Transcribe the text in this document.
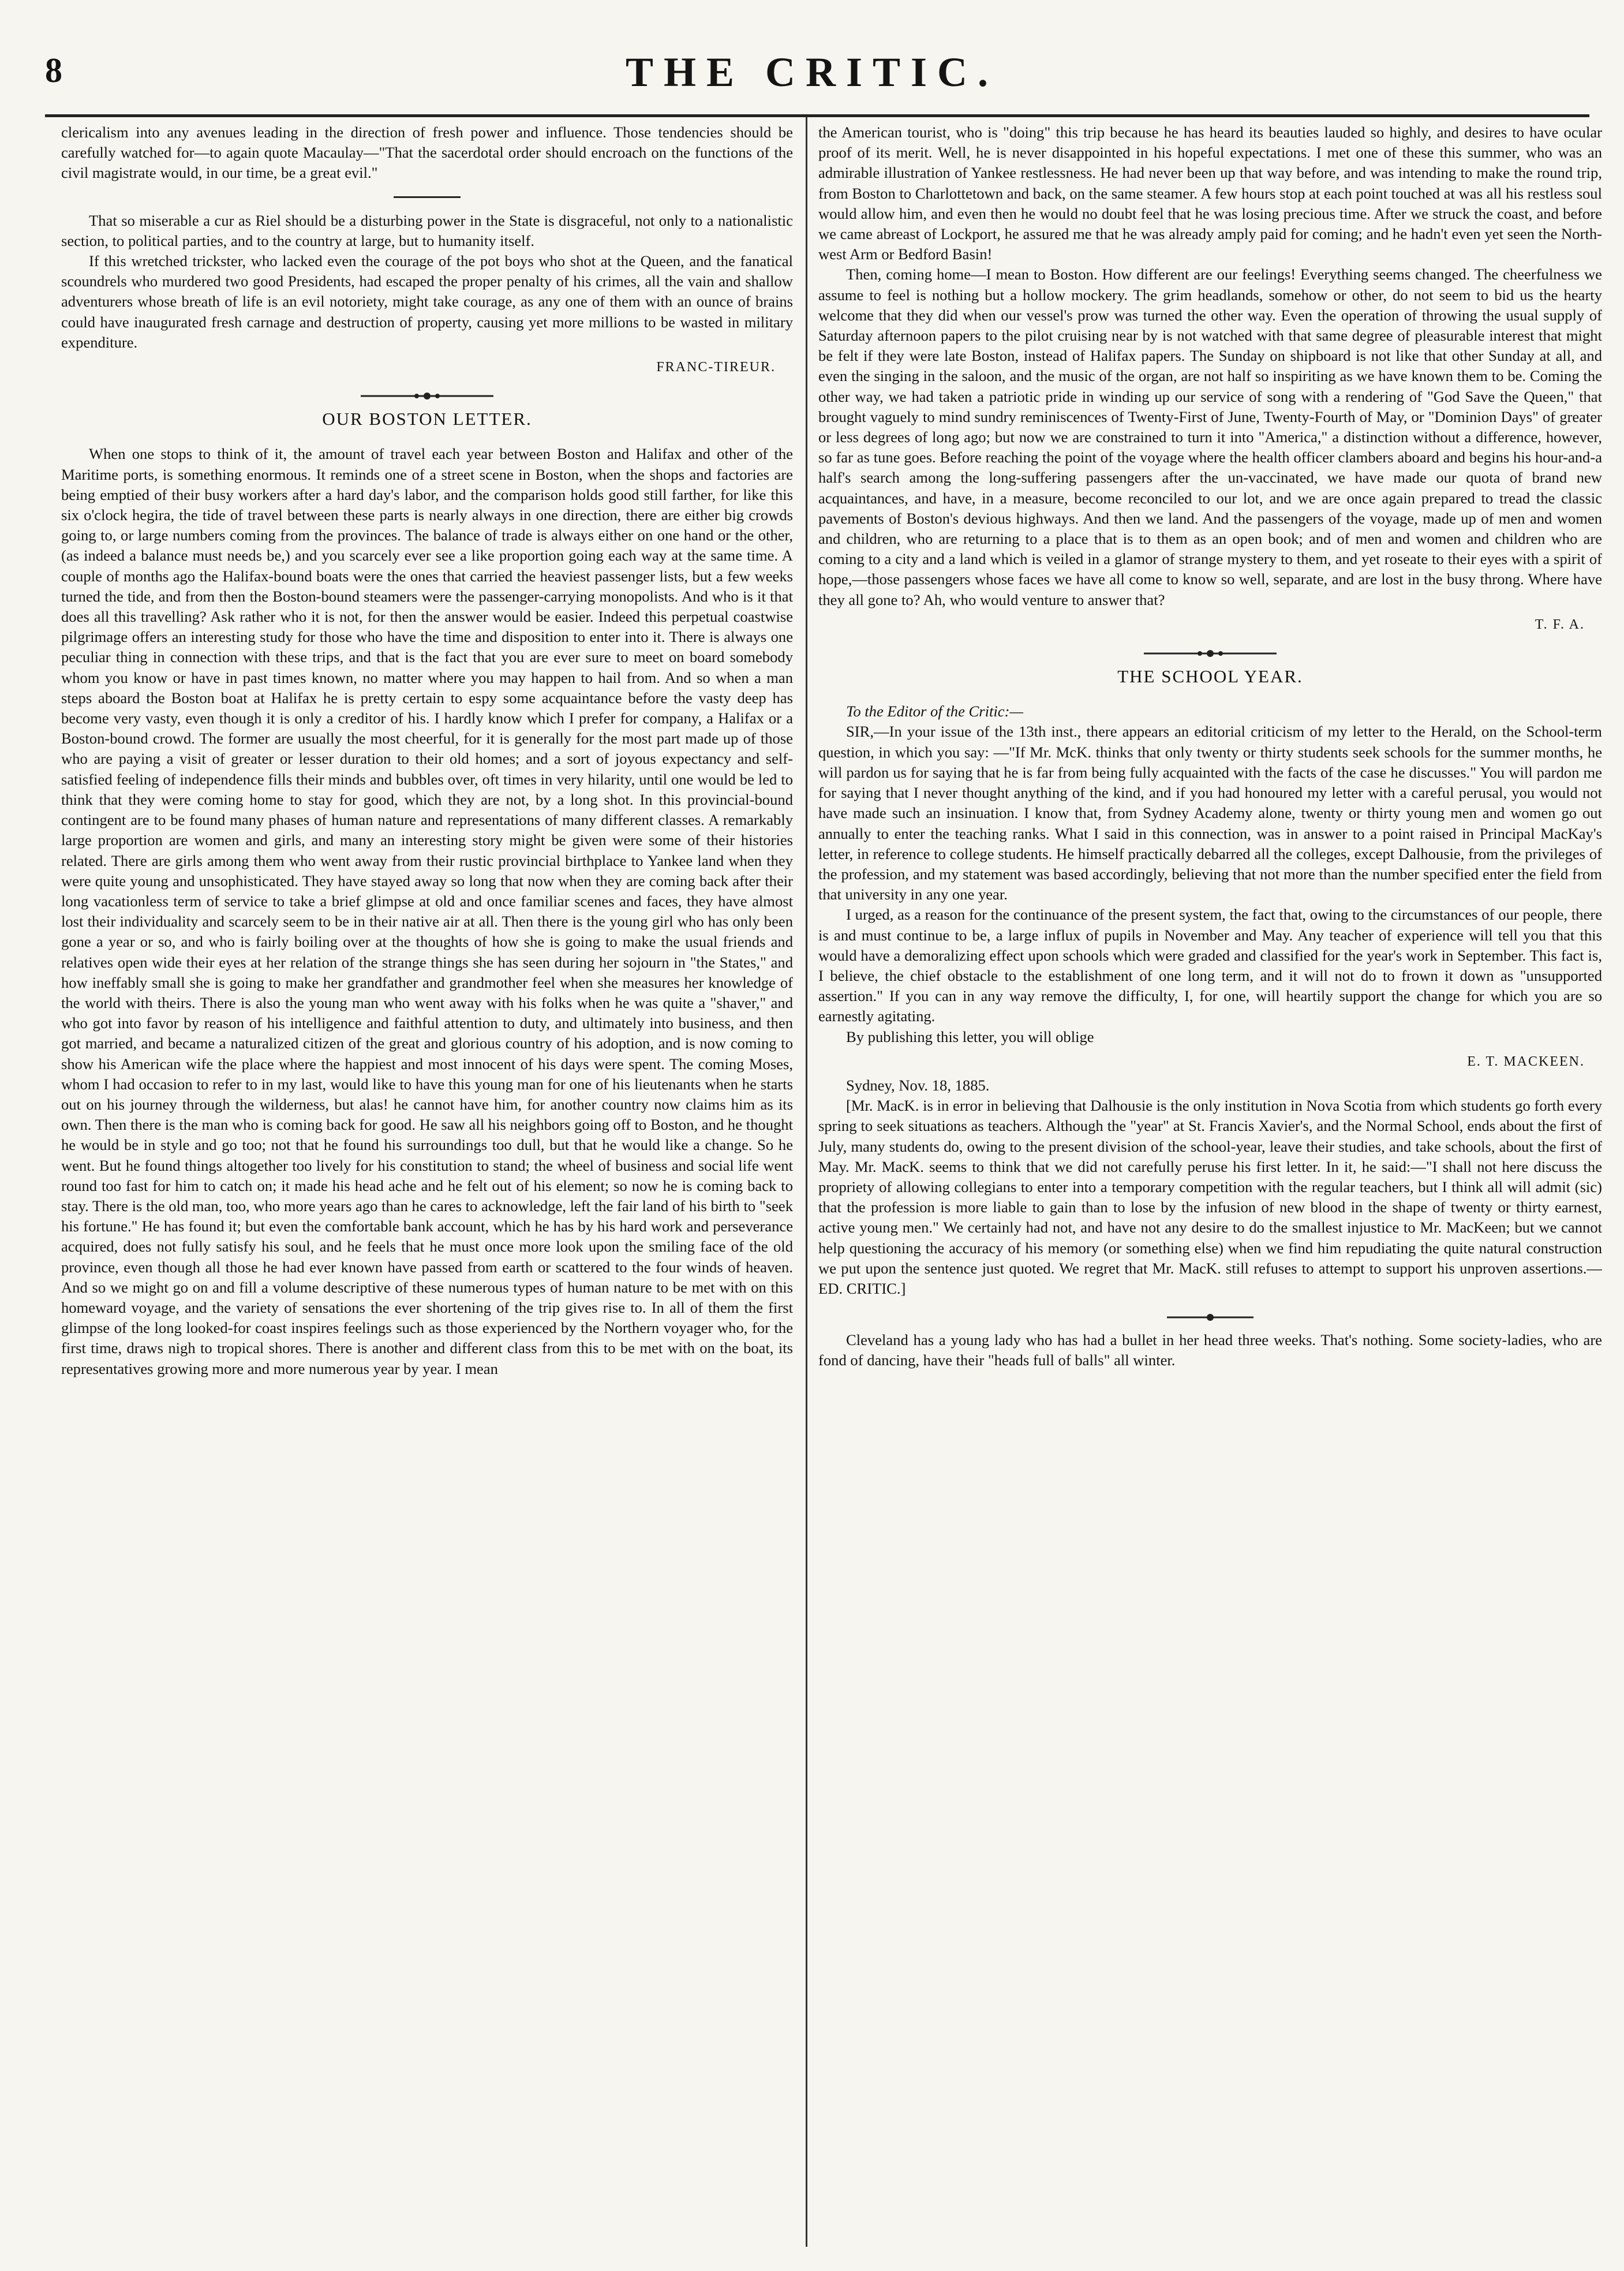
8	THE CRITIC.

clericalism into any avenues leading in the direction of fresh power and influence. Those tendencies should be carefully watched for—to again quote Macaulay—"That the sacerdotal order should encroach on the functions of the civil magistrate would, in our time, be a great evil."

That so miserable a cur as Riel should be a disturbing power in the State is disgraceful, not only to a nationalistic section, to political parties, and to the country at large, but to humanity itself.

If this wretched trickster, who lacked even the courage of the pot boys who shot at the Queen, and the fanatical scoundrels who murdered two good Presidents, had escaped the proper penalty of his crimes, all the vain and shallow adventurers whose breath of life is an evil notoriety, might take courage, as any one of them with an ounce of brains could have inaugurated fresh carnage and destruction of property, causing yet more millions to be wasted in military expenditure.

FRANC-TIREUR.
OUR BOSTON LETTER.

When one stops to think of it, the amount of travel each year between Boston and Halifax and other of the Maritime ports, is something enormous. It reminds one of a street scene in Boston, when the shops and factories are being emptied of their busy workers after a hard day's labor, and the comparison holds good still farther, for like this six o'clock hegira, the tide of travel between these parts is nearly always in one direction, there are either big crowds going to, or large numbers coming from the provinces. The balance of trade is always either on one hand or the other, (as indeed a balance must needs be,) and you scarcely ever see a like proportion going each way at the same time. A couple of months ago the Halifax-bound boats were the ones that carried the heaviest passenger lists, but a few weeks turned the tide, and from then the Boston-bound steamers were the passenger-carrying monopolists. And who is it that does all this travelling? Ask rather who it is not, for then the answer would be easier. Indeed this perpetual coastwise pilgrimage offers an interesting study for those who have the time and disposition to enter into it. There is always one peculiar thing in connection with these trips, and that is the fact that you are ever sure to meet on board somebody whom you know or have in past times known, no matter where you may happen to hail from. And so when a man steps aboard the Boston boat at Halifax he is pretty certain to espy some acquaintance before the vasty deep has become very vasty, even though it is only a creditor of his. I hardly know which I prefer for company, a Halifax or a Boston-bound crowd. The former are usually the most cheerful, for it is generally for the most part made up of those who are paying a visit of greater or lesser duration to their old homes; and a sort of joyous expectancy and self-satisfied feeling of independence fills their minds and bubbles over, oft times in very hilarity, until one would be led to think that they were coming home to stay for good, which they are not, by a long shot. In this provincial-bound contingent are to be found many phases of human nature and representations of many different classes. A remarkably large proportion are women and girls, and many an interesting story might be given were some of their histories related. There are girls among them who went away from their rustic provincial birthplace to Yankee land when they were quite young and unsophisticated. They have stayed away so long that now when they are coming back after their long vacationless term of service to take a brief glimpse at old and once familiar scenes and faces, they have almost lost their individuality and scarcely seem to be in their native air at all. Then there is the young girl who has only been gone a year or so, and who is fairly boiling over at the thoughts of how she is going to make the usual friends and relatives open wide their eyes at her relation of the strange things she has seen during her sojourn in "the States," and how ineffably small she is going to make her grandfather and grandmother feel when she measures her knowledge of the world with theirs. There is also the young man who went away with his folks when he was quite a "shaver," and who got into favor by reason of his intelligence and faithful attention to duty, and ultimately into business, and then got married, and became a naturalized citizen of the great and glorious country of his adoption, and is now coming to show his American wife the place where the happiest and most innocent of his days were spent. The coming Moses, whom I had occasion to refer to in my last, would like to have this young man for one of his lieutenants when he starts out on his journey through the wilderness, but alas! he cannot have him, for another country now claims him as its own. Then there is the man who is coming back for good. He saw all his neighbors going off to Boston, and he thought he would be in style and go too; not that he found his surroundings too dull, but that he would like a change. So he went. But he found things altogether too lively for his constitution to stand; the wheel of business and social life went round too fast for him to catch on; it made his head ache and he felt out of his element; so now he is coming back to stay. There is the old man, too, who more years ago than he cares to acknowledge, left the fair land of his birth to "seek his fortune." He has found it; but even the comfortable bank account, which he has by his hard work and perseverance acquired, does not fully satisfy his soul, and he feels that he must once more look upon the smiling face of the old province, even though all those he had ever known have passed from earth or scattered to the four winds of heaven. And so we might go on and fill a volume descriptive of these numerous types of human nature to be met with on this homeward voyage, and the variety of sensations the ever shortening of the trip gives rise to. In all of them the first glimpse of the long looked-for coast inspires feelings such as those experienced by the Northern voyager who, for the first time, draws nigh to tropical shores. There is another and different class from this to be met with on the boat, its representatives growing more and more numerous year by year. I mean

the American tourist, who is "doing" this trip because he has heard its beauties lauded so highly, and desires to have ocular proof of its merit. Well, he is never disappointed in his hopeful expectations. I met one of these this summer, who was an admirable illustration of Yankee restlessness. He had never been up that way before, and was intending to make the round trip, from Boston to Charlottetown and back, on the same steamer. A few hours stop at each point touched at was all his restless soul would allow him, and even then he would no doubt feel that he was losing precious time. After we struck the coast, and before we came abreast of Lockport, he assured me that he was already amply paid for coming; and he hadn't even yet seen the North-west Arm or Bedford Basin!

Then, coming home—I mean to Boston. How different are our feelings! Everything seems changed. The cheerfulness we assume to feel is nothing but a hollow mockery. The grim headlands, somehow or other, do not seem to bid us the hearty welcome that they did when our vessel's prow was turned the other way. Even the operation of throwing the usual supply of Saturday afternoon papers to the pilot cruising near by is not watched with that same degree of pleasurable interest that might be felt if they were late Boston, instead of Halifax papers. The Sunday on shipboard is not like that other Sunday at all, and even the singing in the saloon, and the music of the organ, are not half so inspiriting as we have known them to be. Coming the other way, we had taken a patriotic pride in winding up our service of song with a rendering of "God Save the Queen," that brought vaguely to mind sundry reminiscences of Twenty-First of June, Twenty-Fourth of May, or "Dominion Days" of greater or less degrees of long ago; but now we are constrained to turn it into "America," a distinction without a difference, however, so far as tune goes. Before reaching the point of the voyage where the health officer clambers aboard and begins his hour-and-a half's search among the long-suffering passengers after the un-vaccinated, we have made our quota of brand new acquaintances, and have, in a measure, become reconciled to our lot, and we are once again prepared to tread the classic pavements of Boston's devious highways. And then we land. And the passengers of the voyage, made up of men and women and children, who are returning to a place that is to them as an open book; and of men and women and children who are coming to a city and a land which is veiled in a glamor of strange mystery to them, and yet roseate to their eyes with a spirit of hope,—those passengers whose faces we have all come to know so well, separate, and are lost in the busy throng. Where have they all gone to? Ah, who would venture to answer that?

T. F. A.
THE SCHOOL YEAR.

To the Editor of the Critic:—

SIR,—In your issue of the 13th inst., there appears an editorial criticism of my letter to the Herald, on the School-term question, in which you say: —"If Mr. McK. thinks that only twenty or thirty students seek schools for the summer months, he will pardon us for saying that he is far from being fully acquainted with the facts of the case he discusses." You will pardon me for saying that I never thought anything of the kind, and if you had honoured my letter with a careful perusal, you would not have made such an insinuation. I know that, from Sydney Academy alone, twenty or thirty young men and women go out annually to enter the teaching ranks. What I said in this connection, was in answer to a point raised in Principal MacKay's letter, in reference to college students. He himself practically debarred all the colleges, except Dalhousie, from the privileges of the profession, and my statement was based accordingly, believing that not more than the number specified enter the field from that university in any one year.

I urged, as a reason for the continuance of the present system, the fact that, owing to the circumstances of our people, there is and must continue to be, a large influx of pupils in November and May. Any teacher of experience will tell you that this would have a demoralizing effect upon schools which were graded and classified for the year's work in September. This fact is, I believe, the chief obstacle to the establishment of one long term, and it will not do to frown it down as "unsupported assertion." If you can in any way remove the difficulty, I, for one, will heartily support the change for which you are so earnestly agitating.

By publishing this letter, you will oblige

E. T. MACKEEN.

Sydney, Nov. 18, 1885.

[Mr. MacK. is in error in believing that Dalhousie is the only institution in Nova Scotia from which students go forth every spring to seek situations as teachers. Although the "year" at St. Francis Xavier's, and the Normal School, ends about the first of July, many students do, owing to the present division of the school-year, leave their studies, and take schools, about the first of May. Mr. MacK. seems to think that we did not carefully peruse his first letter. In it, he said:—"I shall not here discuss the propriety of allowing collegians to enter into a temporary competition with the regular teachers, but I think all will admit (sic) that the profession is more liable to gain than to lose by the infusion of new blood in the shape of twenty or thirty earnest, active young men." We certainly had not, and have not any desire to do the smallest injustice to Mr. MacKeen; but we cannot help questioning the accuracy of his memory (or something else) when we find him repudiating the quite natural construction we put upon the sentence just quoted. We regret that Mr. MacK. still refuses to attempt to support his unproven assertions.—ED. CRITIC.]

Cleveland has a young lady who has had a bullet in her head three weeks. That's nothing. Some society-ladies, who are fond of dancing, have their "heads full of balls" all winter.
